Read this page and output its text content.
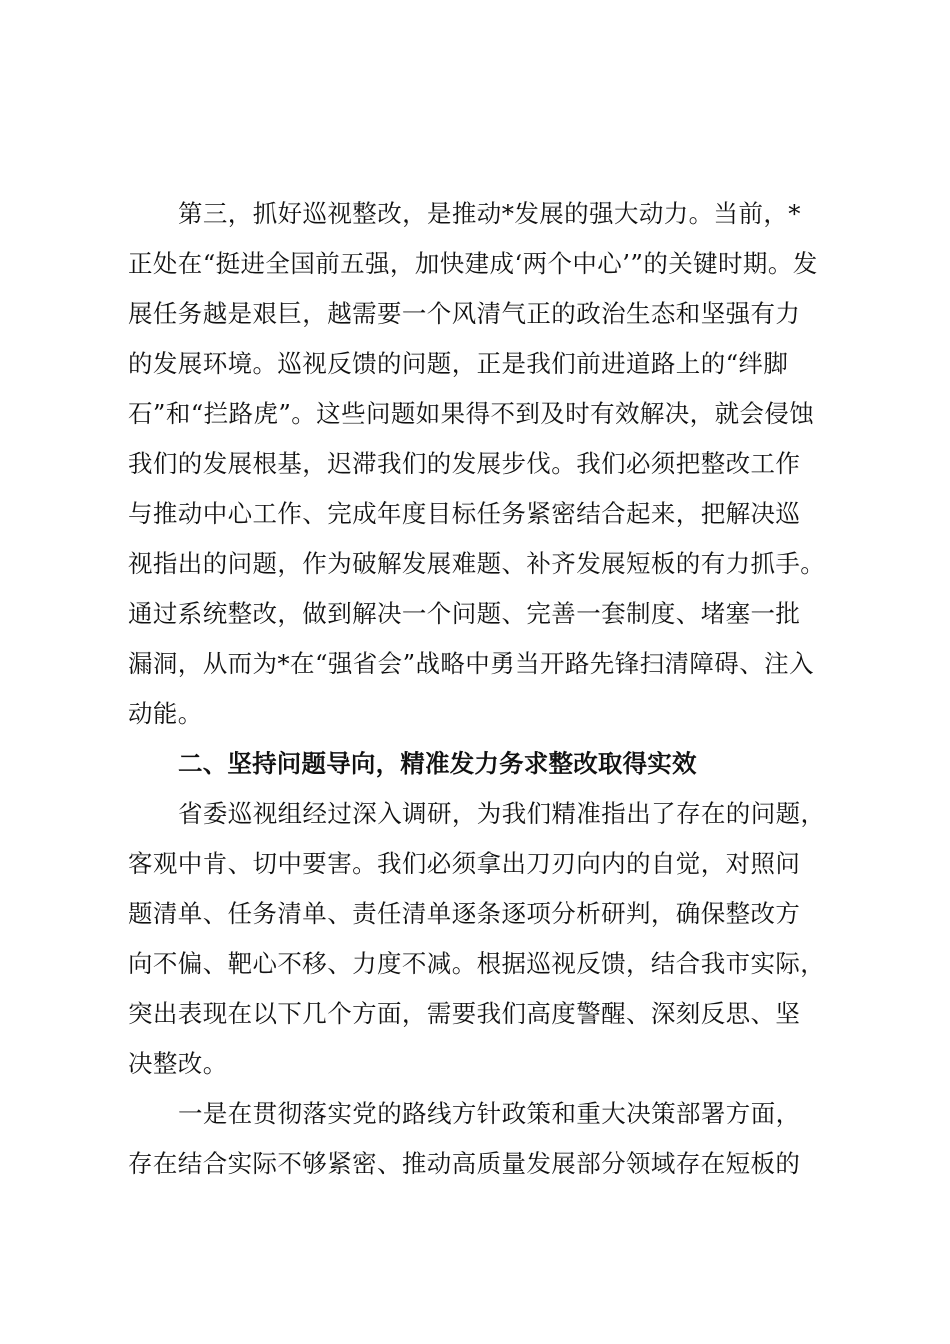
第三，抓好巡视整改，是推动*发展的强大动力。当前，*
正处在“挺进全国前五强，加快建成‘两个中心’”的关键时期。发
展任务越是艰巨，越需要一个风清气正的政治生态和坚强有力
的发展环境。巡视反馈的问题，正是我们前进道路上的“绊脚
石”和“拦路虎”。这些问题如果得不到及时有效解决，就会侵蚀
我们的发展根基，迟滞我们的发展步伐。我们必须把整改工作
与推动中心工作、完成年度目标任务紧密结合起来，把解决巡
视指出的问题，作为破解发展难题、补齐发展短板的有力抓手。
通过系统整改，做到解决一个问题、完善一套制度、堵塞一批
漏洞，从而为*在“强省会”战略中勇当开路先锋扫清障碍、注入
动能。
二、坚持问题导向，精准发力务求整改取得实效
省委巡视组经过深入调研，为我们精准指出了存在的问题，
客观中肯、切中要害。我们必须拿出刀刃向内的自觉，对照问
题清单、任务清单、责任清单逐条逐项分析研判，确保整改方
向不偏、靶心不移、力度不减。根据巡视反馈，结合我市实际，
突出表现在以下几个方面，需要我们高度警醒、深刻反思、坚
决整改。
一是在贯彻落实党的路线方针政策和重大决策部署方面，
存在结合实际不够紧密、推动高质量发展部分领域存在短板的
